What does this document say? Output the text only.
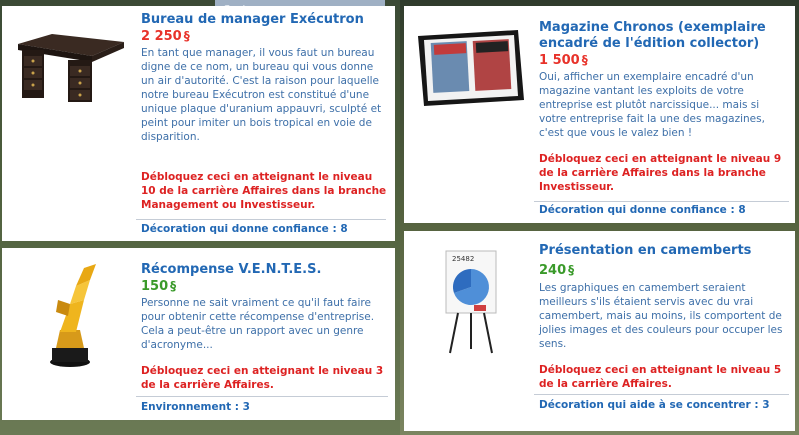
Bureau de manager Exécutron
2 250 §
En tant que manager, il vous faut un bureau digne de ce nom, un bureau qui vous donne un air d'autorité. C'est la raison pour laquelle notre bureau Exécutron est constitué d'une unique plaque d'uranium appauvri, sculpté et peint pour imiter un bois tropical en voie de disparition.
Débloquez ceci en atteignant le niveau 10 de la carrière Affaires dans la branche Management ou Investisseur.
Décoration qui donne confiance : 8
Magazine Chronos (exemplaire encadré de l'édition collector)
1 500 §
Oui, afficher un exemplaire encadré d'un magazine vantant les exploits de votre entreprise est plutôt narcissique... mais si votre entreprise fait la une des magazines, c'est que vous le valez bien !
Débloquez ceci en atteignant le niveau 9 de la carrière Affaires dans la branche Investisseur.
Décoration qui donne confiance : 8
Récompense V.E.N.T.E.S.
150 §
Personne ne sait vraiment ce qu'il faut faire pour obtenir cette récompense d'entreprise. Cela a peut-être un rapport avec un genre d'acronyme...
Débloquez ceci en atteignant le niveau 3 de la carrière Affaires.
Environnement : 3
25482
Présentation en camemberts
240 §
Les graphiques en camembert seraient meilleurs s'ils étaient servis avec du vrai camembert, mais au moins, ils comportent de jolies images et des couleurs pour occuper les sens.
Débloquez ceci en atteignant le niveau 5 de la carrière Affaires.
Décoration qui aide à se concentrer : 3
